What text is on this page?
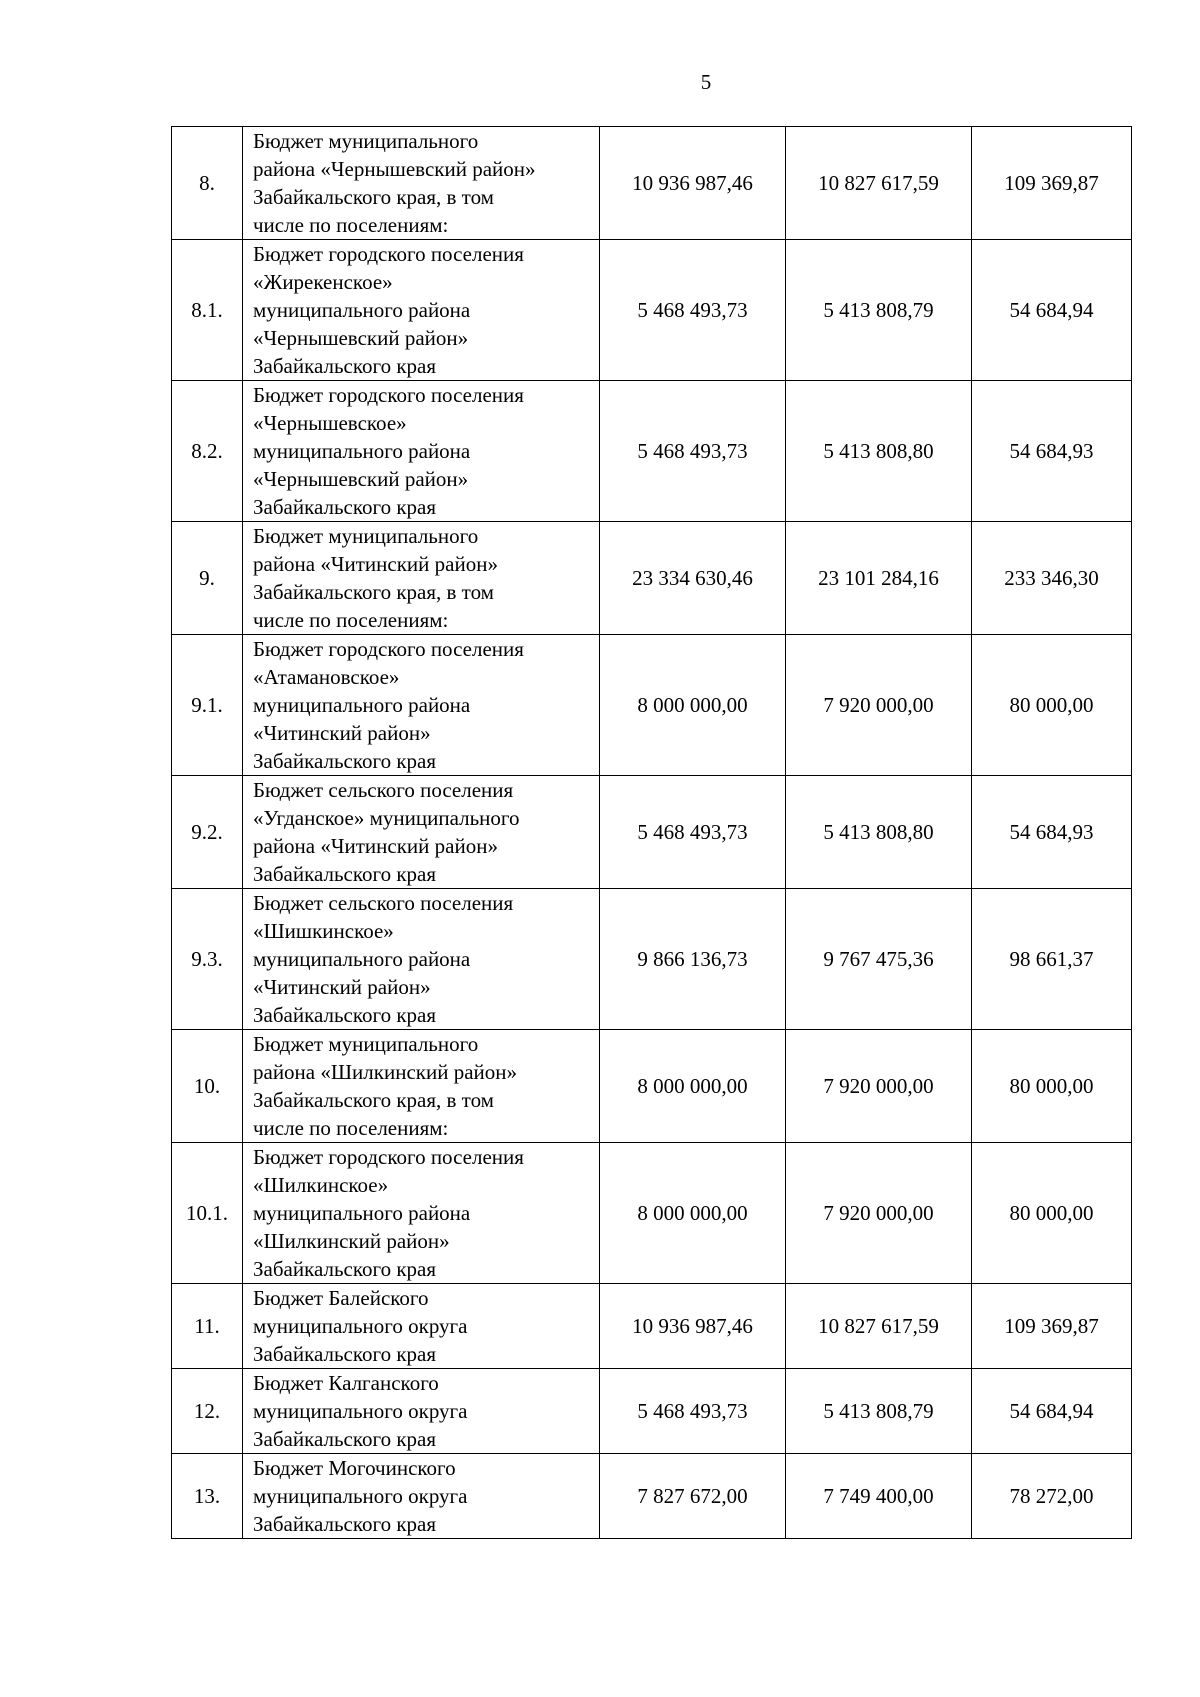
5
8.	Бюджет муниципального
района «Чернышевский район»
Забайкальского края, в том
числе по поселениям:	10 936 987,46	10 827 617,59	109 369,87
8.1.	Бюджет городского поселения
«Жирекенское»
муниципального района
«Чернышевский район»
Забайкальского края	5 468 493,73	5 413 808,79	54 684,94
8.2.	Бюджет городского поселения
«Чернышевское»
муниципального района
«Чернышевский район»
Забайкальского края	5 468 493,73	5 413 808,80	54 684,93
9.	Бюджет муниципального
района «Читинский район»
Забайкальского края, в том
числе по поселениям:	23 334 630,46	23 101 284,16	233 346,30
9.1.	Бюджет городского поселения
«Атамановское»
муниципального района
«Читинский район»
Забайкальского края	8 000 000,00	7 920 000,00	80 000,00
9.2.	Бюджет сельского поселения
«Угданское» муниципального
района «Читинский район»
Забайкальского края	5 468 493,73	5 413 808,80	54 684,93
9.3.	Бюджет сельского поселения
«Шишкинское»
муниципального района
«Читинский район»
Забайкальского края	9 866 136,73	9 767 475,36	98 661,37
10.	Бюджет муниципального
района «Шилкинский район»
Забайкальского края, в том
числе по поселениям:	8 000 000,00	7 920 000,00	80 000,00
10.1.	Бюджет городского поселения
«Шилкинское»
муниципального района
«Шилкинский район»
Забайкальского края	8 000 000,00	7 920 000,00	80 000,00
11.	Бюджет Балейского
муниципального округа
Забайкальского края	10 936 987,46	10 827 617,59	109 369,87
12.	Бюджет Калганского
муниципального округа
Забайкальского края	5 468 493,73	5 413 808,79	54 684,94
13.	Бюджет Могочинского
муниципального округа
Забайкальского края	7 827 672,00	7 749 400,00	78 272,00
